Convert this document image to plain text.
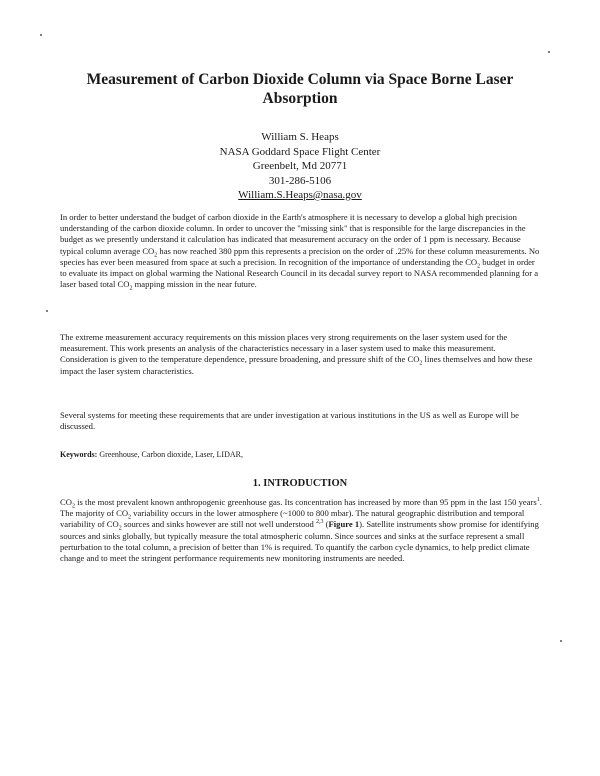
Measurement of Carbon Dioxide Column via Space Borne Laser Absorption
William S. Heaps
NASA Goddard Space Flight Center
Greenbelt, Md 20771
301-286-5106
William.S.Heaps@nasa.gov
In order to better understand the budget of carbon dioxide in the Earth's atmosphere it is necessary to develop a global high precision understanding of the carbon dioxide column. In order to uncover the "missing sink" that is responsible for the large discrepancies in the budget as we presently understand it calculation has indicated that measurement accuracy on the order of 1 ppm is necessary. Because typical column average $CO_2$ has now reached 380 ppm this represents a precision on the order of .25% for these column measurements. No species has ever been measured from space at such a precision. In recognition of the importance of understanding the $CO_2$ budget in order to evaluate its impact on global warming the National Research Council in its decadal survey report to NASA recommended planning for a laser based total $CO_2$ mapping mission in the near future.
The extreme measurement accuracy requirements on this mission places very strong requirements on the laser system used for the measurement. This work presents an analysis of the characteristics necessary in a laser system used to make this measurement. Consideration is given to the temperature dependence, pressure broadening, and pressure shift of the $CO_2$ lines themselves and how these impact the laser system characteristics.
Several systems for meeting these requirements that are under investigation at various institutions in the US as well as Europe will be discussed.
Keywords: Greenhouse, Carbon dioxide, Laser, LIDAR,
1. INTRODUCTION
$CO_2$ is the most prevalent known anthropogenic greenhouse gas. Its concentration has increased by more than 95 ppm in the last 150 years$^1$. The majority of $CO_2$ variability occurs in the lower atmosphere (~1000 to 800 mbar). The natural geographic distribution and temporal variability of $CO_2$ sources and sinks however are still not well understood $^{2,3}$ (Figure 1). Satellite instruments show promise for identifying sources and sinks globally, but typically measure the total atmospheric column. Since sources and sinks at the surface represent a small perturbation to the total column, a precision of better than 1% is required. To quantify the carbon cycle dynamics, to help predict climate change and to meet the stringent performance requirements new monitoring instruments are needed.
